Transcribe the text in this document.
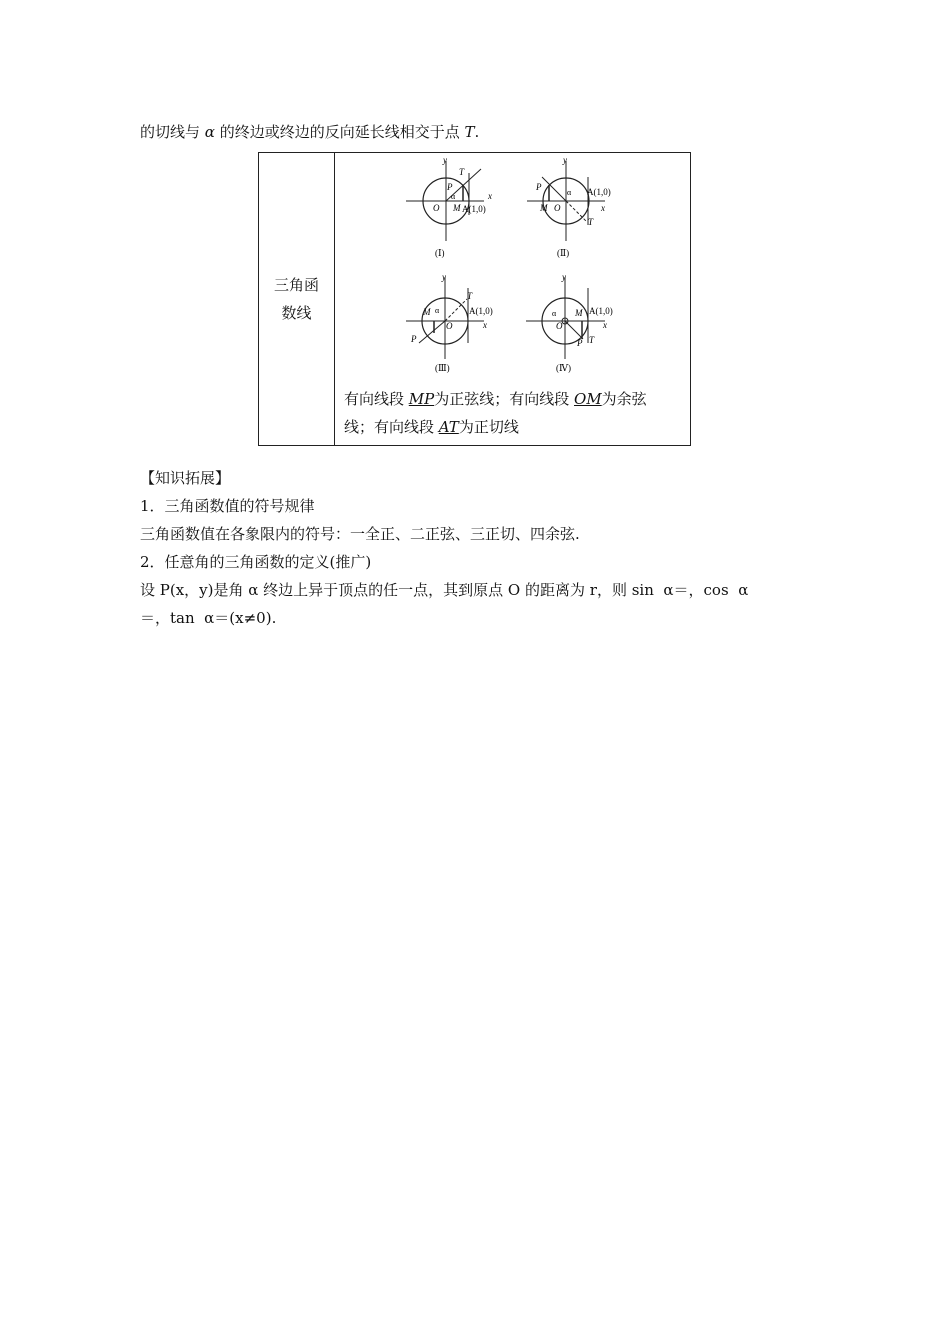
的切线与 α 的终边或终边的反向延长线相交于点 T.
三角函
数线
y
x
T
P
α
O M A(1,0)
(Ⅰ)
y
x
T
P
α
O
M
A(1,0)
(Ⅱ)
y
x
T
P
α
O
M	A(1,0)
(Ⅲ)
y
x
T
P
α
O
M A(1,0)
(Ⅳ)
有向线段 MP为正弦线；有向线段 OM为余弦
线；有向线段 AT为正切线
【知识拓展】
1．三角函数值的符号规律
三角函数值在各象限内的符号：一全正、二正弦、三正切、四余弦.
2．任意角的三角函数的定义(推广)
设 P(x，y)是角 α 终边上异于顶点的任一点，其到原点 O 的距离为 r，则 sin  α＝，cos  α
＝，tan  α＝(x≠0).
